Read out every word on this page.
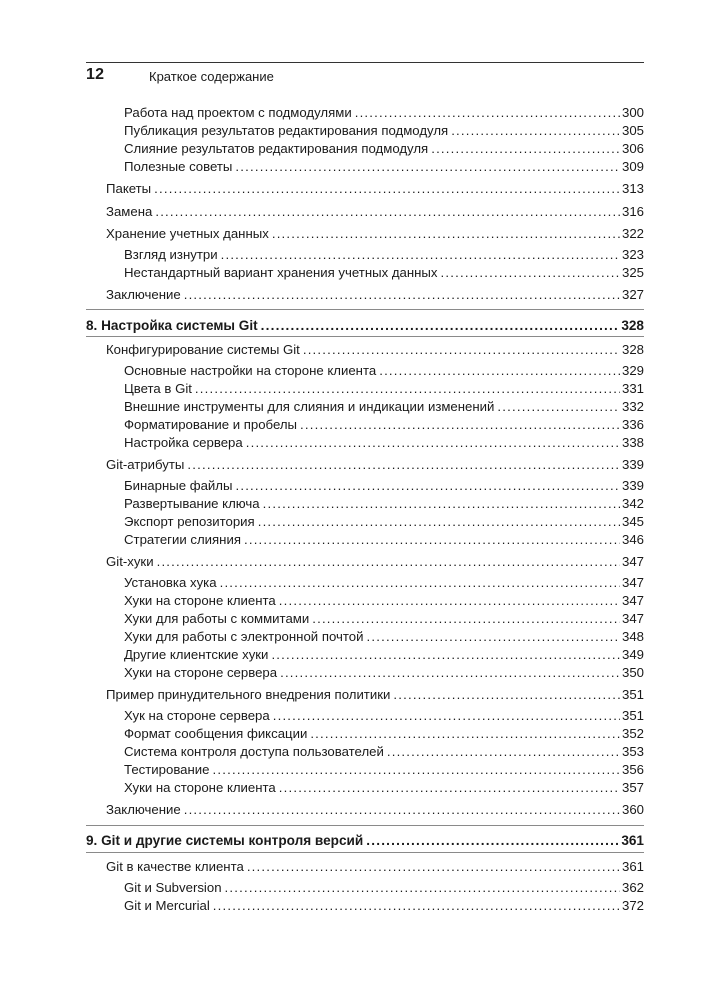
12	Краткое содержание
Работа над проектом с подмодулями .....	300
Публикация результатов редактирования подмодуля .....	305
Слияние результатов редактирования подмодуля .....	306
Полезные советы .....	309
Пакеты .....	313
Замена .....	316
Хранение учетных данных .....	322
Взгляд изнутри .....	323
Нестандартный вариант хранения учетных данных .....	325
Заключение .....	327
8. Настройка системы Git .....	328
Конфигурирование системы Git .....	328
Основные настройки на стороне клиента .....	329
Цвета в Git .....	331
Внешние инструменты для слияния и индикации изменений .....	332
Форматирование и пробелы .....	336
Настройка сервера .....	338
Git-атрибуты .....	339
Бинарные файлы .....	339
Развертывание ключа .....	342
Экспорт репозитория .....	345
Стратегии слияния .....	346
Git-хуки .....	347
Установка хука .....	347
Хуки на стороне клиента .....	347
Хуки для работы с коммитами .....	347
Хуки для работы с электронной почтой .....	348
Другие клиентские хуки .....	349
Хуки на стороне сервера .....	350
Пример принудительного внедрения политики .....	351
Хук на стороне сервера .....	351
Формат сообщения фиксации .....	352
Система контроля доступа пользователей .....	353
Тестирование .....	356
Хуки на стороне клиента .....	357
Заключение .....	360
9. Git и другие системы контроля версий .....	361
Git в качестве клиента .....	361
Git и Subversion .....	362
Git и Mercurial .....	372
